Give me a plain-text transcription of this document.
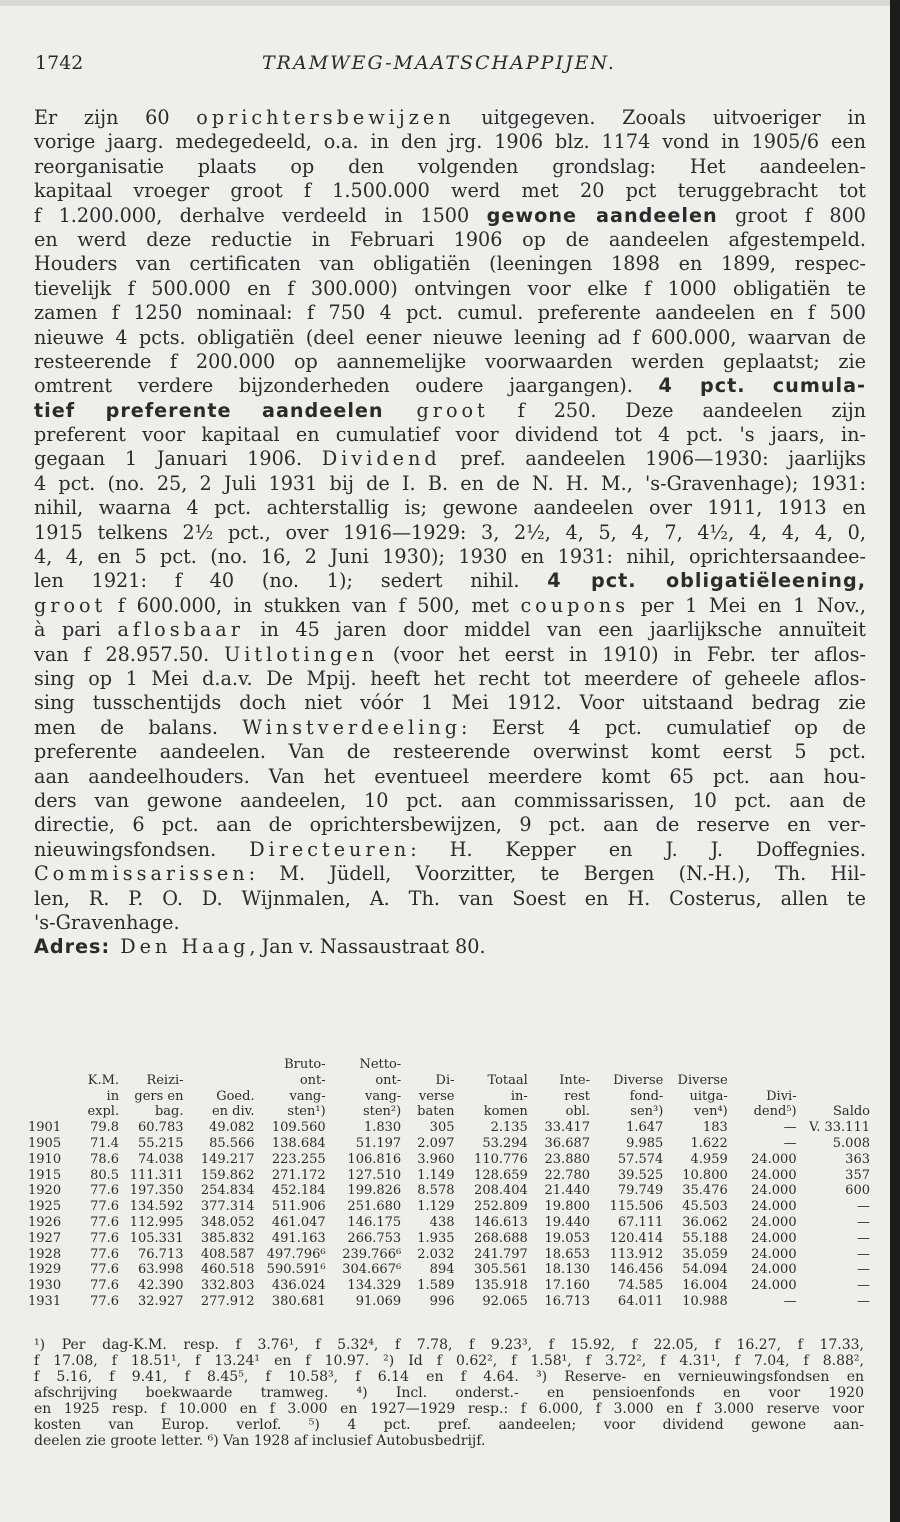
1742	TRAMWEG-MAATSCHAPPIJEN.
Er zijn 60 oprichtersbewijzen uitgegeven. Zooals uitvoeriger in
vorige jaarg. medegedeeld, o.a. in den jrg. 1906 blz. 1174 vond in 1905/6 een
reorganisatie plaats op den volgenden grondslag: Het aandeelen-
kapitaal vroeger groot f 1.500.000 werd met 20 pct teruggebracht tot
f 1.200.000, derhalve verdeeld in 1500 gewone aandeelen groot f 800
en werd deze reductie in Februari 1906 op de aandeelen afgestempeld.
Houders van certificaten van obligatiën (leeningen 1898 en 1899, respec-
tievelijk f 500.000 en f 300.000) ontvingen voor elke f 1000 obligatiën te
zamen f 1250 nominaal: f 750 4 pct. cumul. preferente aandeelen en f 500
nieuwe 4 pcts. obligatiën (deel eener nieuwe leening ad f 600.000, waarvan de
resteerende f 200.000 op aannemelijke voorwaarden werden geplaatst; zie
omtrent verdere bijzonderheden oudere jaargangen). 4 pct. cumula-
tief preferente aandeelen groot f 250. Deze aandeelen zijn
preferent voor kapitaal en cumulatief voor dividend tot 4 pct. 's jaars, in-
gegaan 1 Januari 1906. Dividend pref. aandeelen 1906—1930: jaarlijks
4 pct. (no. 25, 2 Juli 1931 bij de I. B. en de N. H. M., 's-Gravenhage); 1931:
nihil, waarna 4 pct. achterstallig is; gewone aandeelen over 1911, 1913 en
1915 telkens 2½ pct., over 1916—1929: 3, 2½, 4, 5, 4, 7, 4½, 4, 4, 4, 0,
4, 4, en 5 pct. (no. 16, 2 Juni 1930); 1930 en 1931: nihil, oprichtersaandee-
len 1921: f 40 (no. 1); sedert nihil. 4 pct. obligatiëleening,
groot f 600.000, in stukken van f 500, met coupons per 1 Mei en 1 Nov.,
à pari aflosbaar in 45 jaren door middel van een jaarlijksche annuïteit
van f 28.957.50. Uitlotingen (voor het eerst in 1910) in Febr. ter aflos-
sing op 1 Mei d.a.v. De Mpij. heeft het recht tot meerdere of geheele aflos-
sing tusschentijds doch niet vóór 1 Mei 1912. Voor uitstaand bedrag zie
men de balans. Winstverdeeling: Eerst 4 pct. cumulatief op de
preferente aandeelen. Van de resteerende overwinst komt eerst 5 pct.
aan aandeelhouders. Van het eventueel meerdere komt 65 pct. aan hou-
ders van gewone aandeelen, 10 pct. aan commissarissen, 10 pct. aan de
directie, 6 pct. aan de oprichtersbewijzen, 9 pct. aan de reserve en ver-
nieuwingsfondsen. Directeuren: H. Kepper en J. J. Doffegnies.
Commissarissen: M. Jüdell, Voorzitter, te Bergen (N.-H.), Th. Hil-
len, R. P. O. D. Wijnmalen, A. Th. van Soest en H. Costerus, allen te
's-Gravenhage.
Adres: Den Haag, Jan v. Nassaustraat 80.
	K.M.
in
expl.	Reizi-
gers en
bag.	Goed.
en div.	Bruto-
ont-
vang-
sten¹)	Netto-
ont-
vang-
sten²)	Di-
verse
baten	Totaal
in-
komen	Inte-
rest
obl.	Diverse
fond-
sen³)	Diverse
uitga-
ven⁴)	Divi-
dend⁵)	Saldo
1901	79.8	60.783	49.082	109.560	1.830	305	2.135	33.417	1.647	183	—	V. 33.111
1905	71.4	55.215	85.566	138.684	51.197	2.097	53.294	36.687	9.985	1.622	—	5.008
1910	78.6	74.038	149.217	223.255	106.816	3.960	110.776	23.880	57.574	4.959	24.000	363
1915	80.5	111.311	159.862	271.172	127.510	1.149	128.659	22.780	39.525	10.800	24.000	357
1920	77.6	197.350	254.834	452.184	199.826	8.578	208.404	21.440	79.749	35.476	24.000	600
1925	77.6	134.592	377.314	511.906	251.680	1.129	252.809	19.800	115.506	45.503	24.000	—
1926	77.6	112.995	348.052	461.047	146.175	438	146.613	19.440	67.111	36.062	24.000	—
1927	77.6	105.331	385.832	491.163	266.753	1.935	268.688	19.053	120.414	55.188	24.000	—
1928	77.6	76.713	408.587	497.796⁶	239.766⁶	2.032	241.797	18.653	113.912	35.059	24.000	—
1929	77.6	63.998	460.518	590.591⁶	304.667⁶	894	305.561	18.130	146.456	54.094	24.000	—
1930	77.6	42.390	332.803	436.024	134.329	1.589	135.918	17.160	74.585	16.004	24.000	—
1931	77.6	32.927	277.912	380.681	91.069	996	92.065	16.713	64.011	10.988	—	—
¹) Per dag-K.M. resp. f 3.76¹, f 5.32⁴, f 7.78, f 9.23³, f 15.92, f 22.05, f 16.27, f 17.33,
f 17.08, f 18.51¹, f 13.24¹ en f 10.97. ²) Id f 0.62², f 1.58¹, f 3.72², f 4.31¹, f 7.04, f 8.88²,
f 5.16, f 9.41, f 8.45⁵, f 10.58³, f 6.14 en f 4.64. ³) Reserve- en vernieuwingsfondsen en
afschrijving boekwaarde tramweg. ⁴) Incl. onderst.- en pensioenfonds en voor 1920
en 1925 resp. f 10.000 en f 3.000 en 1927—1929 resp.: f 6.000, f 3.000 en f 3.000 reserve voor
kosten van Europ. verlof. ⁵) 4 pct. pref. aandeelen; voor dividend gewone aan-
deelen zie groote letter. ⁶) Van 1928 af inclusief Autobusbedrijf.
